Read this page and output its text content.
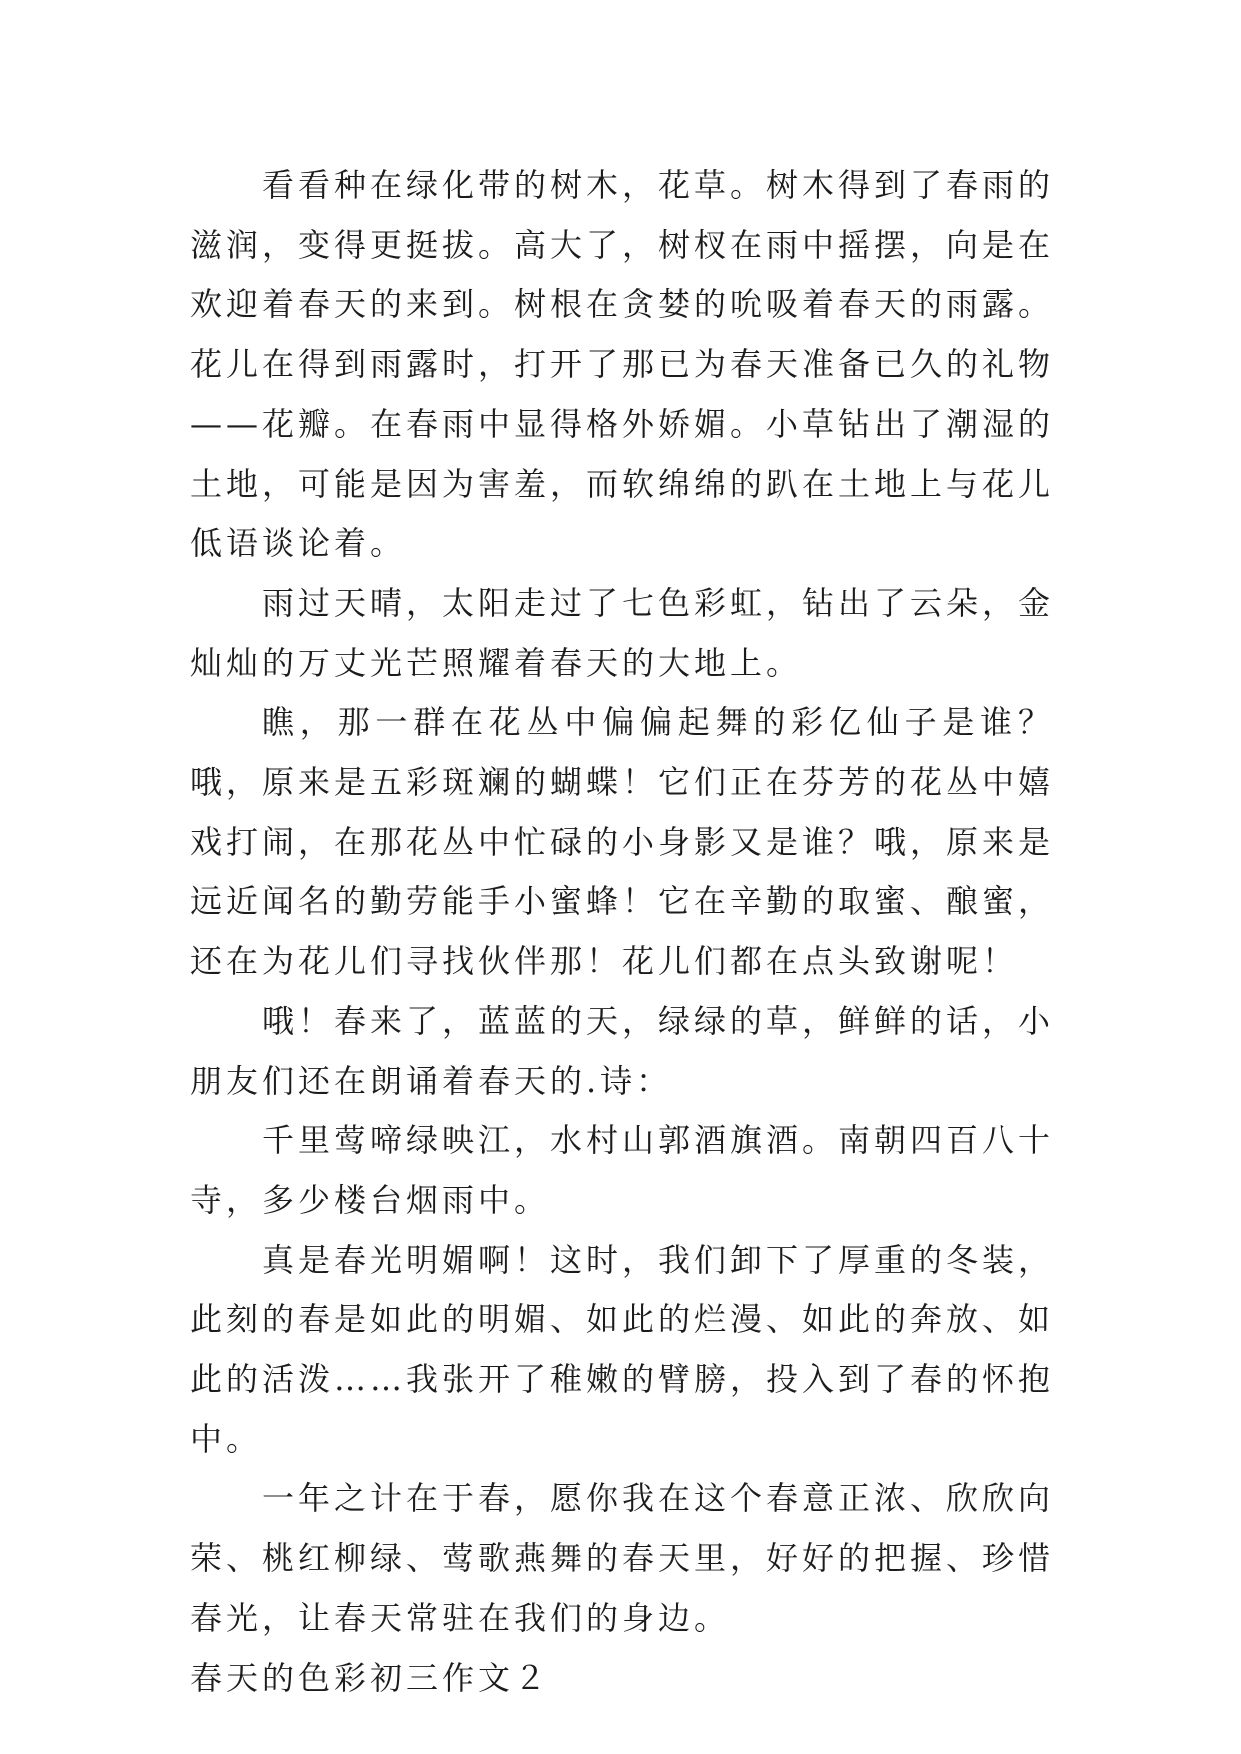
看看种在绿化带的树木，花草。树木得到了春雨的滋润，变得更挺拔。高大了，树杈在雨中摇摆，向是在欢迎着春天的来到。树根在贪婪的吮吸着春天的雨露。花儿在得到雨露时，打开了那已为春天准备已久的礼物——花瓣。在春雨中显得格外娇媚。小草钻出了潮湿的土地，可能是因为害羞，而软绵绵的趴在土地上与花儿低语谈论着。

雨过天晴，太阳走过了七色彩虹，钻出了云朵，金灿灿的万丈光芒照耀着春天的大地上。

瞧，那一群在花丛中偏偏起舞的彩亿仙子是谁？哦，原来是五彩斑斓的蝴蝶！它们正在芬芳的花丛中嬉戏打闹，在那花丛中忙碌的小身影又是谁？哦，原来是远近闻名的勤劳能手小蜜蜂！它在辛勤的取蜜、酿蜜，还在为花儿们寻找伙伴那！花儿们都在点头致谢呢！

哦！春来了，蓝蓝的天，绿绿的草，鲜鲜的话，小朋友们还在朗诵着春天的.诗：

千里莺啼绿映江，水村山郭酒旗酒。南朝四百八十寺，多少楼台烟雨中。

真是春光明媚啊！这时，我们卸下了厚重的冬装，此刻的春是如此的明媚、如此的烂漫、如此的奔放、如此的活泼……我张开了稚嫩的臂膀，投入到了春的怀抱中。

一年之计在于春，愿你我在这个春意正浓、欣欣向荣、桃红柳绿、莺歌燕舞的春天里，好好的把握、珍惜春光，让春天常驻在我们的身边。

春天的色彩初三作文２
